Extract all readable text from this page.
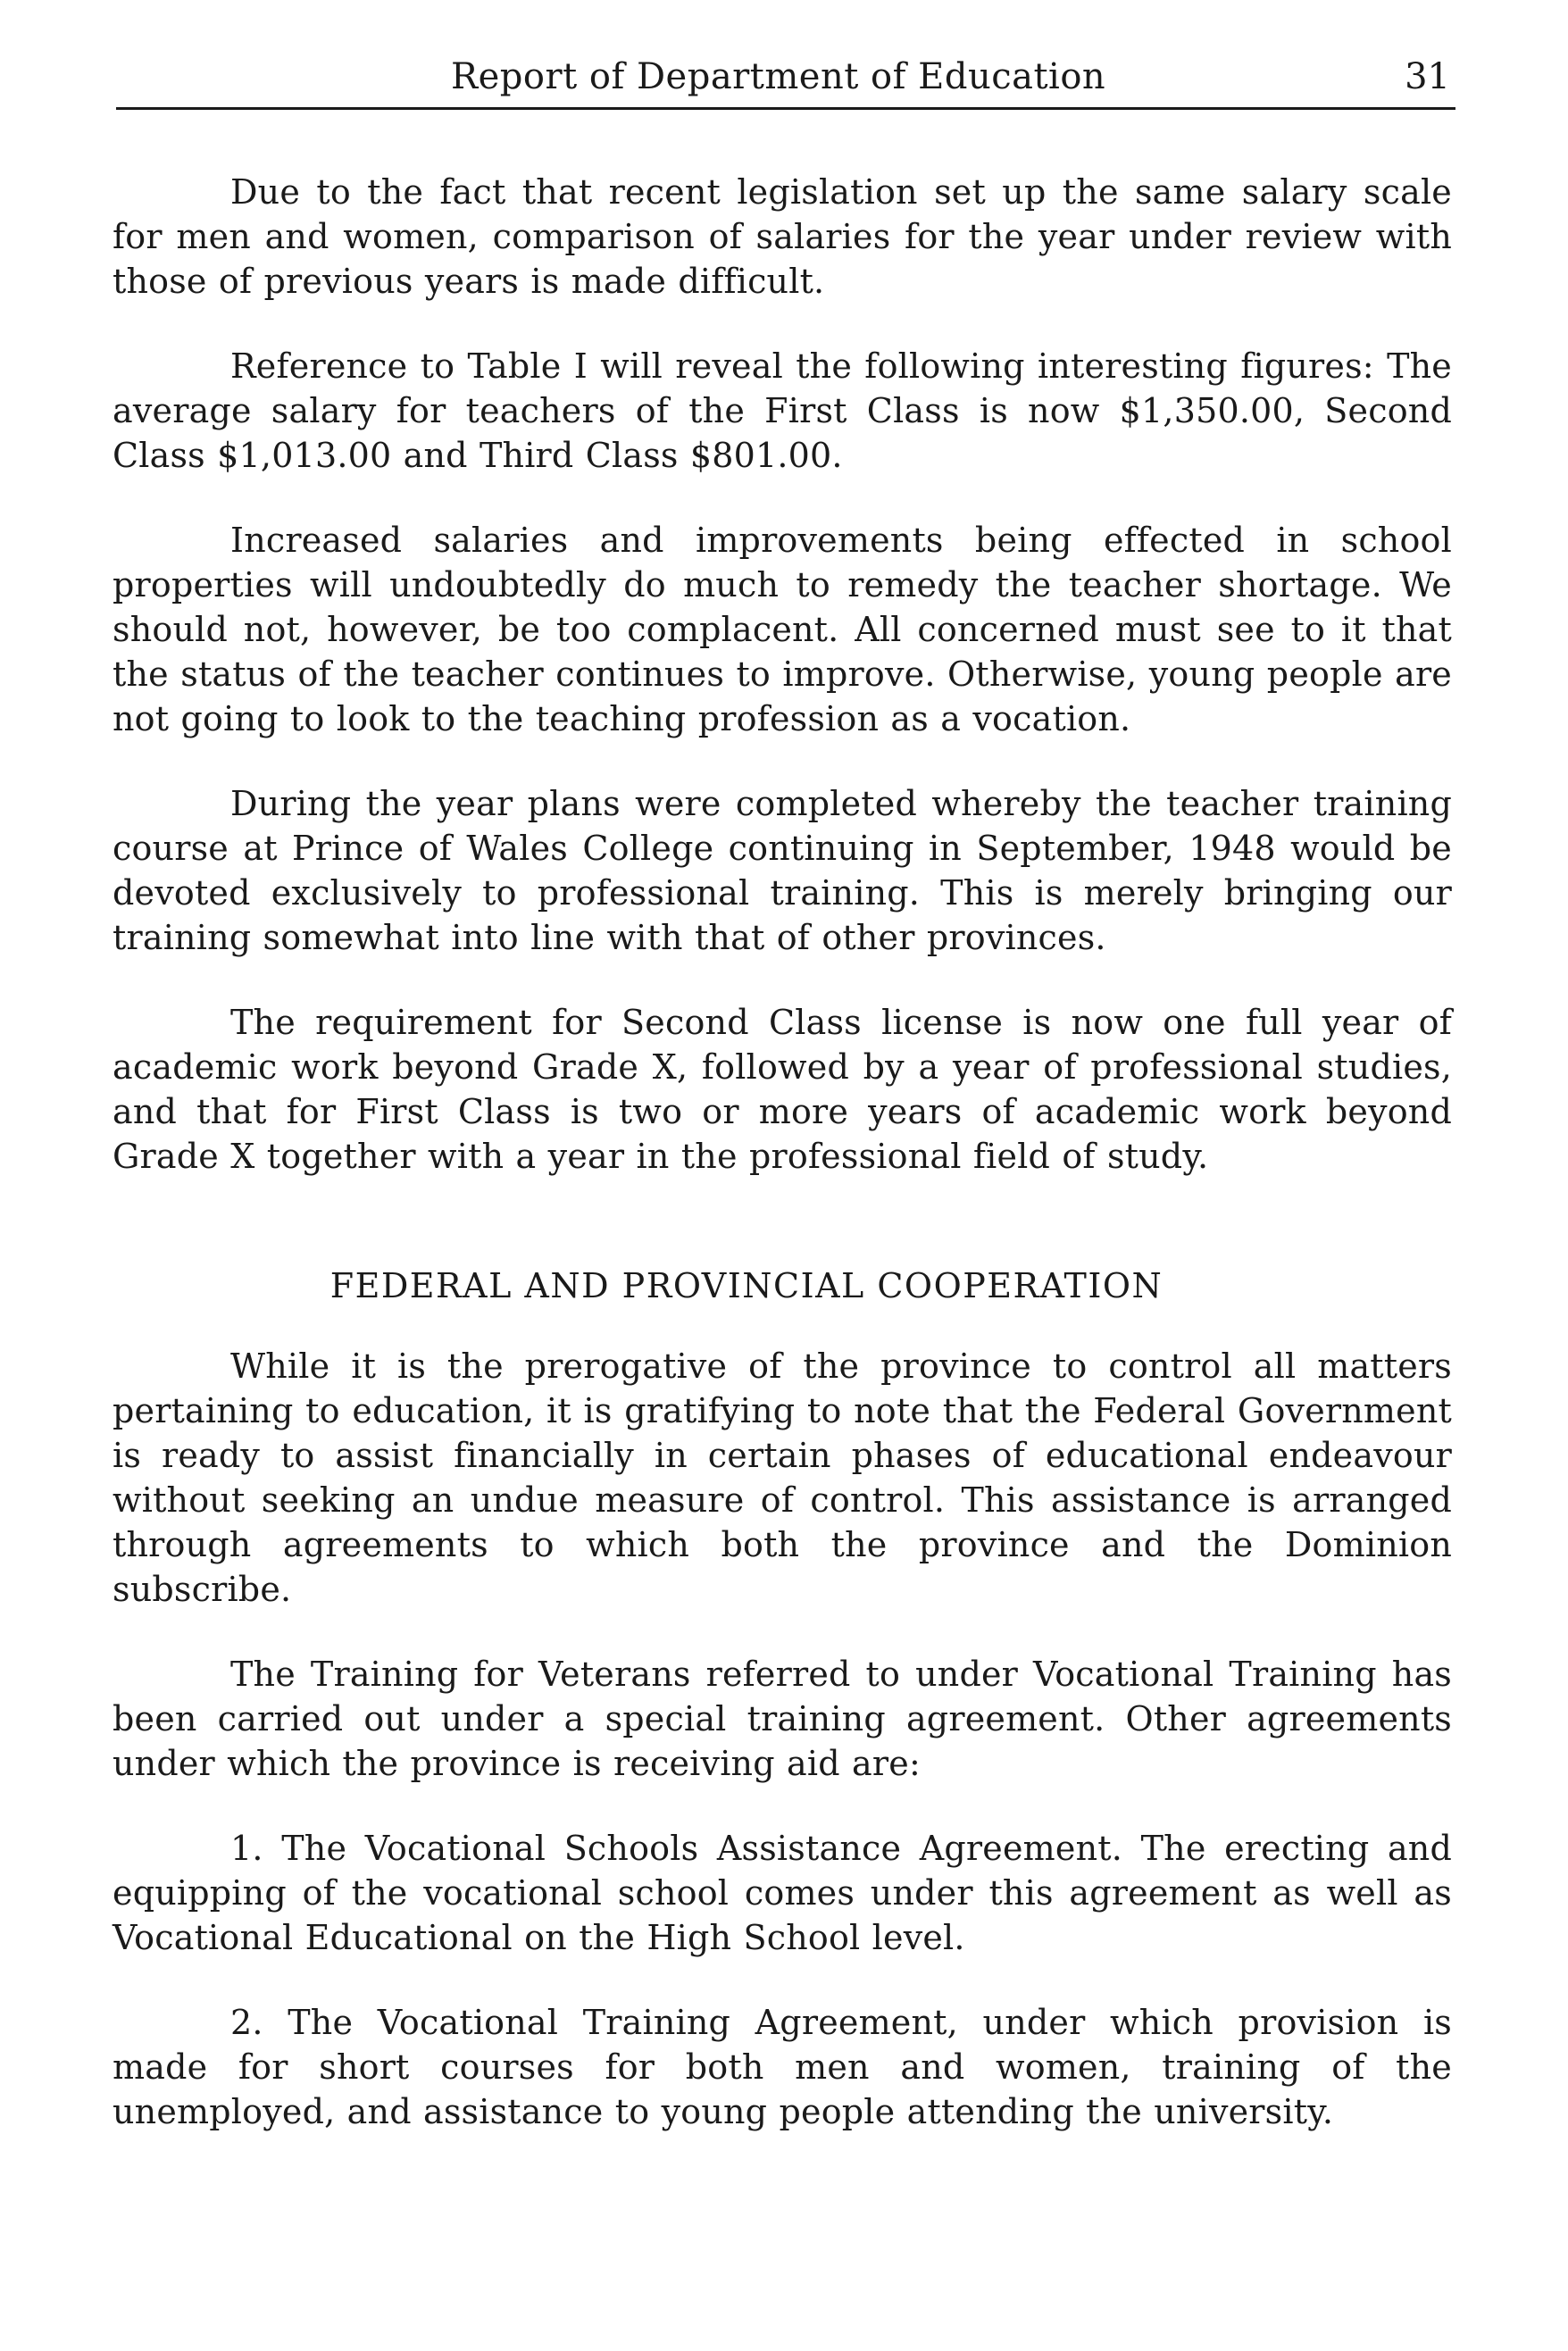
Report of Department of Education	31

Due to the fact that recent legislation set up the same salary scale for men and women, comparison of salaries for the year under review with those of previous years is made difficult.

Reference to Table I will reveal the following interesting figures: The average salary for teachers of the First Class is now $1,350.00, Second Class $1,013.00 and Third Class $801.00.

Increased salaries and improvements being effected in school properties will undoubtedly do much to remedy the teacher shortage. We should not, however, be too complacent. All concerned must see to it that the status of the teacher continues to improve. Otherwise, young people are not going to look to the teaching profession as a vocation.

During the year plans were completed whereby the teacher training course at Prince of Wales College continuing in September, 1948 would be devoted exclusively to professional training. This is merely bringing our training somewhat into line with that of other provinces.

The requirement for Second Class license is now one full year of academic work beyond Grade X, followed by a year of professional studies, and that for First Class is two or more years of academic work beyond Grade X together with a year in the professional field of study.

FEDERAL AND PROVINCIAL COOPERATION

While it is the prerogative of the province to control all matters pertaining to education, it is gratifying to note that the Federal Government is ready to assist financially in certain phases of educational endeavour without seeking an undue measure of control. This assistance is arranged through agreements to which both the province and the Dominion subscribe.

The Training for Veterans referred to under Vocational Training has been carried out under a special training agreement. Other agreements under which the province is receiving aid are:

1. The Vocational Schools Assistance Agreement. The erecting and equipping of the vocational school comes under this agreement as well as Vocational Educational on the High School level.

2. The Vocational Training Agreement, under which provision is made for short courses for both men and women, training of the unemployed, and assistance to young people attending the university.
